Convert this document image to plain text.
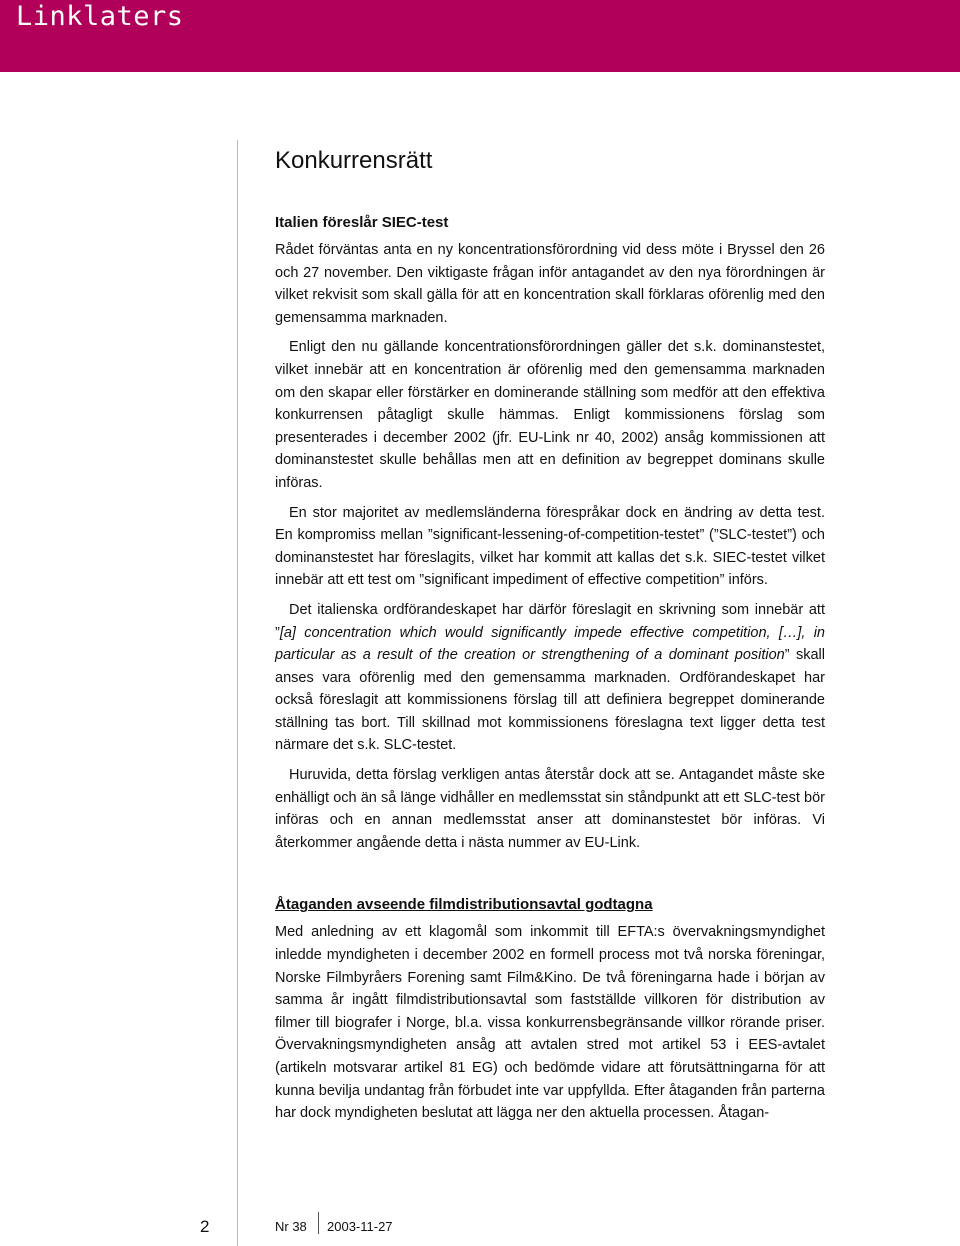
Linklaters
Konkurrensrätt
Italien föreslår SIEC-test

Rådet förväntas anta en ny koncentrationsförordning vid dess möte i Bryssel den 26 och 27 november. Den viktigaste frågan inför antagandet av den nya förordningen är vilket rekvisit som skall gälla för att en koncentration skall förklaras oförenlig med den gemensamma marknaden.

Enligt den nu gällande koncentrationsförordningen gäller det s.k. dominanstestet, vilket innebär att en koncentration är oförenlig med den gemensamma marknaden om den skapar eller förstärker en dominerande ställning som medför att den effektiva konkurrensen påtagligt skulle hämmas. Enligt kommissionens förslag som presenterades i december 2002 (jfr. EU-Link nr 40, 2002) ansåg kommissionen att dominanstestet skulle behållas men att en definition av begreppet dominans skulle införas.

En stor majoritet av medlemsländerna förespråkar dock en ändring av detta test. En kompromiss mellan ”significant-lessening-of-competition-testet” (”SLC-testet”) och dominanstestet har föreslagits, vilket har kommit att kallas det s.k. SIEC-testet vilket innebär att ett test om ”significant impediment of effective competition” införs.

Det italienska ordförandeskapet har därför föreslagit en skrivning som innebär att ”[a] concentration which would significantly impede effective competition, […], in particular as a result of the creation or strengthening of a dominant position” skall anses vara oförenlig med den gemensamma marknaden. Ordförandeskapet har också föreslagit att kommissionens förslag till att definiera begreppet dominerande ställning tas bort. Till skillnad mot kommissionens föreslagna text ligger detta test närmare det s.k. SLC-testet.

Huruvida, detta förslag verkligen antas återstår dock att se. Antagandet måste ske enhälligt och än så länge vidhåller en medlemsstat sin ståndpunkt att ett SLC-test bör införas och en annan medlemsstat anser att dominanstestet bör införas. Vi återkommer angående detta i nästa nummer av EU-Link.

Åtaganden avseende filmdistributionsavtal godtagna

Med anledning av ett klagomål som inkommit till EFTA:s övervakningsmyndighet inledde myndigheten i december 2002 en formell process mot två norska föreningar, Norske Filmbyråers Forening samt Film&Kino. De två föreningarna hade i början av samma år ingått filmdistributionsavtal som fastställde villkoren för distribution av filmer till biografer i Norge, bl.a. vissa konkurrensbegränsande villkor rörande priser. Övervakningsmyndigheten ansåg att avtalen stred mot artikel 53 i EES-avtalet (artikeln motsvarar artikel 81 EG) och bedömde vidare att förutsättningarna för att kunna bevilja undantag från förbudet inte var uppfyllda. Efter åtaganden från parterna har dock myndigheten beslutat att lägga ner den aktuella processen. Åtagan-

2	Nr 38 2003-11-27
